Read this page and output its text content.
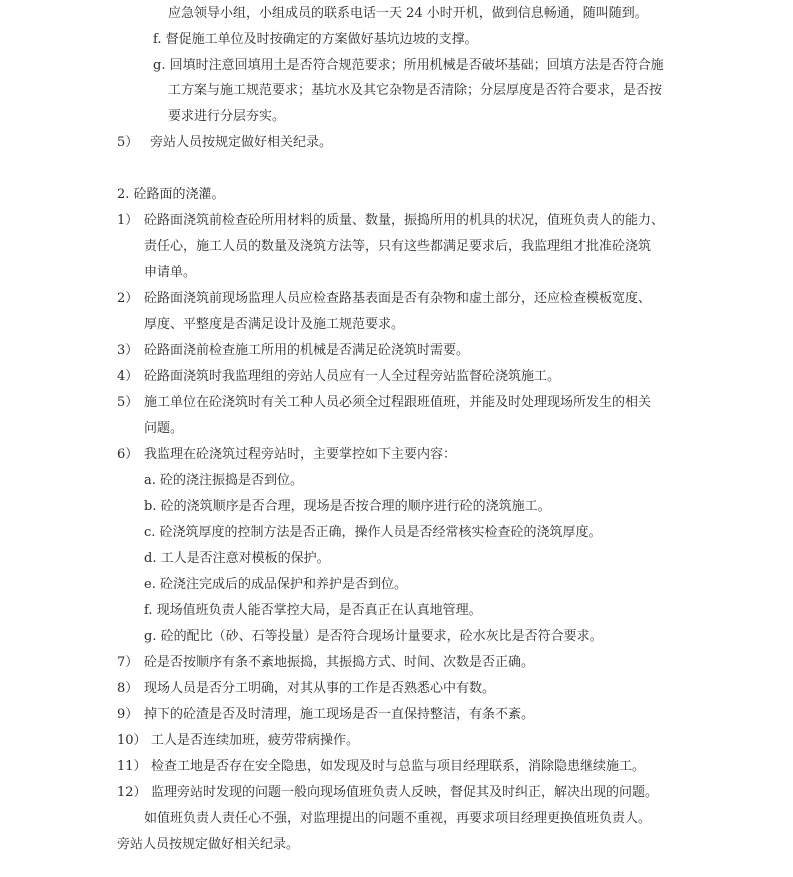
应急领导小组，小组成员的联系电话一天 24 小时开机，做到信息畅通，随叫随到。
f. 督促施工单位及时按确定的方案做好基坑边坡的支撑。
g. 回填时注意回填用土是否符合规范要求；所用机械是否破坏基础；回填方法是否符合施
工方案与施工规范要求；基坑水及其它杂物是否清除；分层厚度是否符合要求，是否按
要求进行分层夯实。
5） 旁站人员按规定做好相关纪录。
2. 砼路面的浇灌。
1） 砼路面浇筑前检查砼所用材料的质量、数量，振捣所用的机具的状况，值班负责人的能力、
责任心，施工人员的数量及浇筑方法等，只有这些都满足要求后，我监理组才批准砼浇筑
申请单。
2） 砼路面浇筑前现场监理人员应检查路基表面是否有杂物和虚土部分，还应检查模板宽度、
厚度、平整度是否满足设计及施工规范要求。
3） 砼路面浇前检查施工所用的机械是否满足砼浇筑时需要。
4） 砼路面浇筑时我监理组的旁站人员应有一人全过程旁站监督砼浇筑施工。
5） 施工单位在砼浇筑时有关工种人员必须全过程跟班值班，并能及时处理现场所发生的相关
问题。
6） 我监理在砼浇筑过程旁站时，主要掌控如下主要内容：
a. 砼的浇注振捣是否到位。
b. 砼的浇筑顺序是否合理，现场是否按合理的顺序进行砼的浇筑施工。
c. 砼浇筑厚度的控制方法是否正确，操作人员是否经常核实检查砼的浇筑厚度。
d. 工人是否注意对模板的保护。
e. 砼浇注完成后的成品保护和养护是否到位。
f. 现场值班负责人能否掌控大局，是否真正在认真地管理。
g. 砼的配比（砂、石等投量）是否符合现场计量要求，砼水灰比是否符合要求。
7） 砼是否按顺序有条不紊地振捣，其振捣方式、时间、次数是否正确。
8） 现场人员是否分工明确，对其从事的工作是否熟悉心中有数。
9） 掉下的砼渣是否及时清理，施工现场是否一直保持整洁，有条不紊。
10） 工人是否连续加班，疲劳带病操作。
11） 检查工地是否存在安全隐患，如发现及时与总监与项目经理联系，消除隐患继续施工。
12） 监理旁站时发现的问题一般向现场值班负责人反映，督促其及时纠正，解决出现的问题。
如值班负责人责任心不强，对监理提出的问题不重视，再要求项目经理更换值班负责人。
旁站人员按规定做好相关纪录。
